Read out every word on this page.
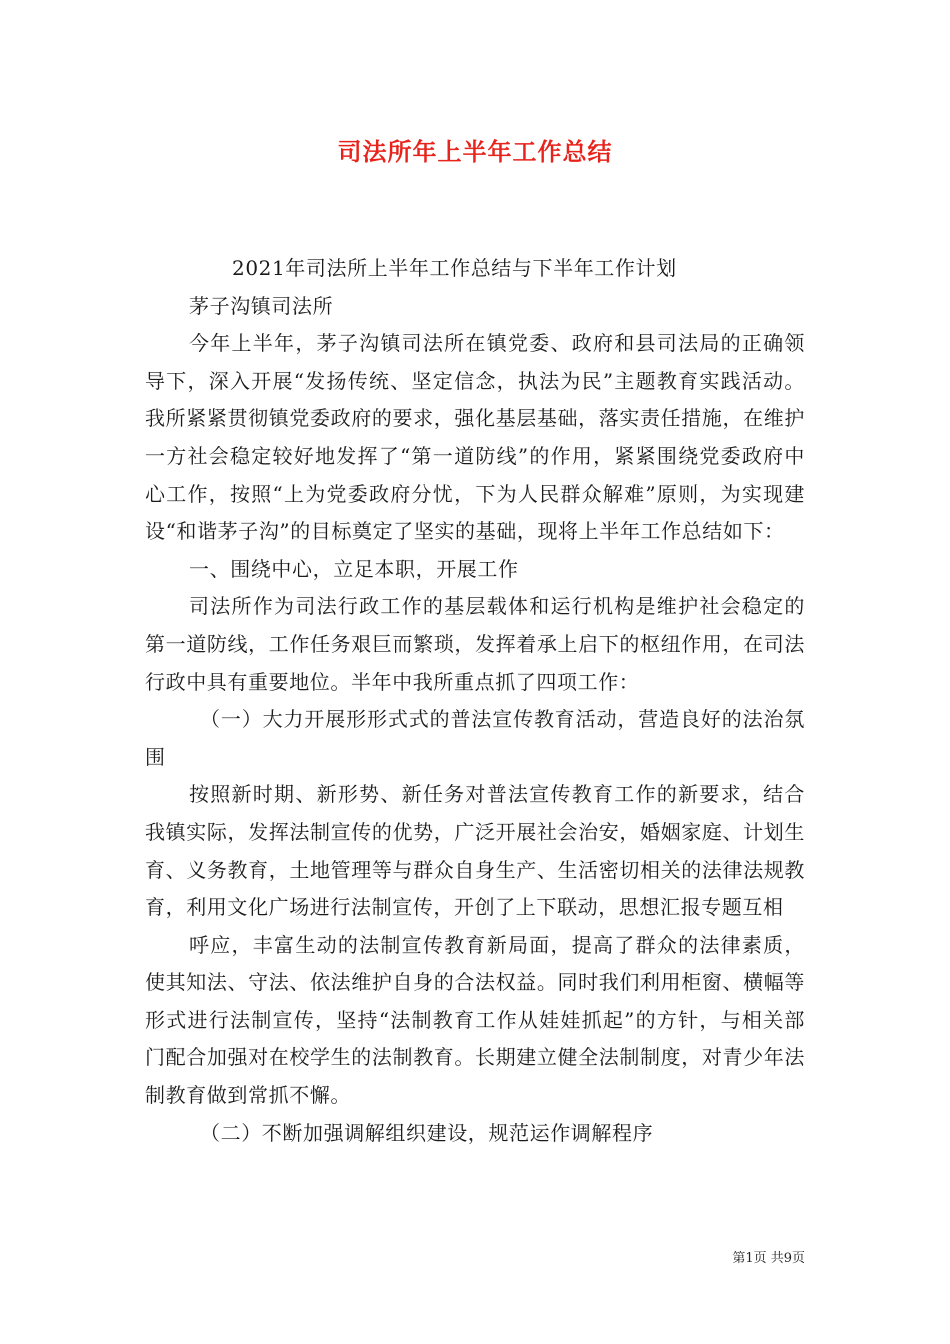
司法所年上半年工作总结

2021年司法所上半年工作总结与下半年工作计划

茅子沟镇司法所

今年上半年，茅子沟镇司法所在镇党委、政府和县司法局的正确领导下，深入开展“发扬传统、坚定信念，执法为民”主题教育实践活动。我所紧紧贯彻镇党委政府的要求，强化基层基础，落实责任措施，在维护一方社会稳定较好地发挥了“第一道防线”的作用，紧紧围绕党委政府中心工作，按照“上为党委政府分忧，下为人民群众解难”原则，为实现建设“和谐茅子沟”的目标奠定了坚实的基础，现将上半年工作总结如下：

一、围绕中心，立足本职，开展工作

司法所作为司法行政工作的基层载体和运行机构是维护社会稳定的第一道防线，工作任务艰巨而繁琐，发挥着承上启下的枢纽作用，在司法行政中具有重要地位。半年中我所重点抓了四项工作：

（一）大力开展形形式式的普法宣传教育活动，营造良好的法治氛围

按照新时期、新形势、新任务对普法宣传教育工作的新要求，结合我镇实际，发挥法制宣传的优势，广泛开展社会治安，婚姻家庭、计划生育、义务教育，土地管理等与群众自身生产、生活密切相关的法律法规教育，利用文化广场进行法制宣传，开创了上下联动，思想汇报专题互相

呼应，丰富生动的法制宣传教育新局面，提高了群众的法律素质，使其知法、守法、依法维护自身的合法权益。同时我们利用柜窗、横幅等形式进行法制宣传，坚持“法制教育工作从娃娃抓起”的方针，与相关部门配合加强对在校学生的法制教育。长期建立健全法制制度，对青少年法制教育做到常抓不懈。

（二）不断加强调解组织建设，规范运作调解程序

第1页 共9页
